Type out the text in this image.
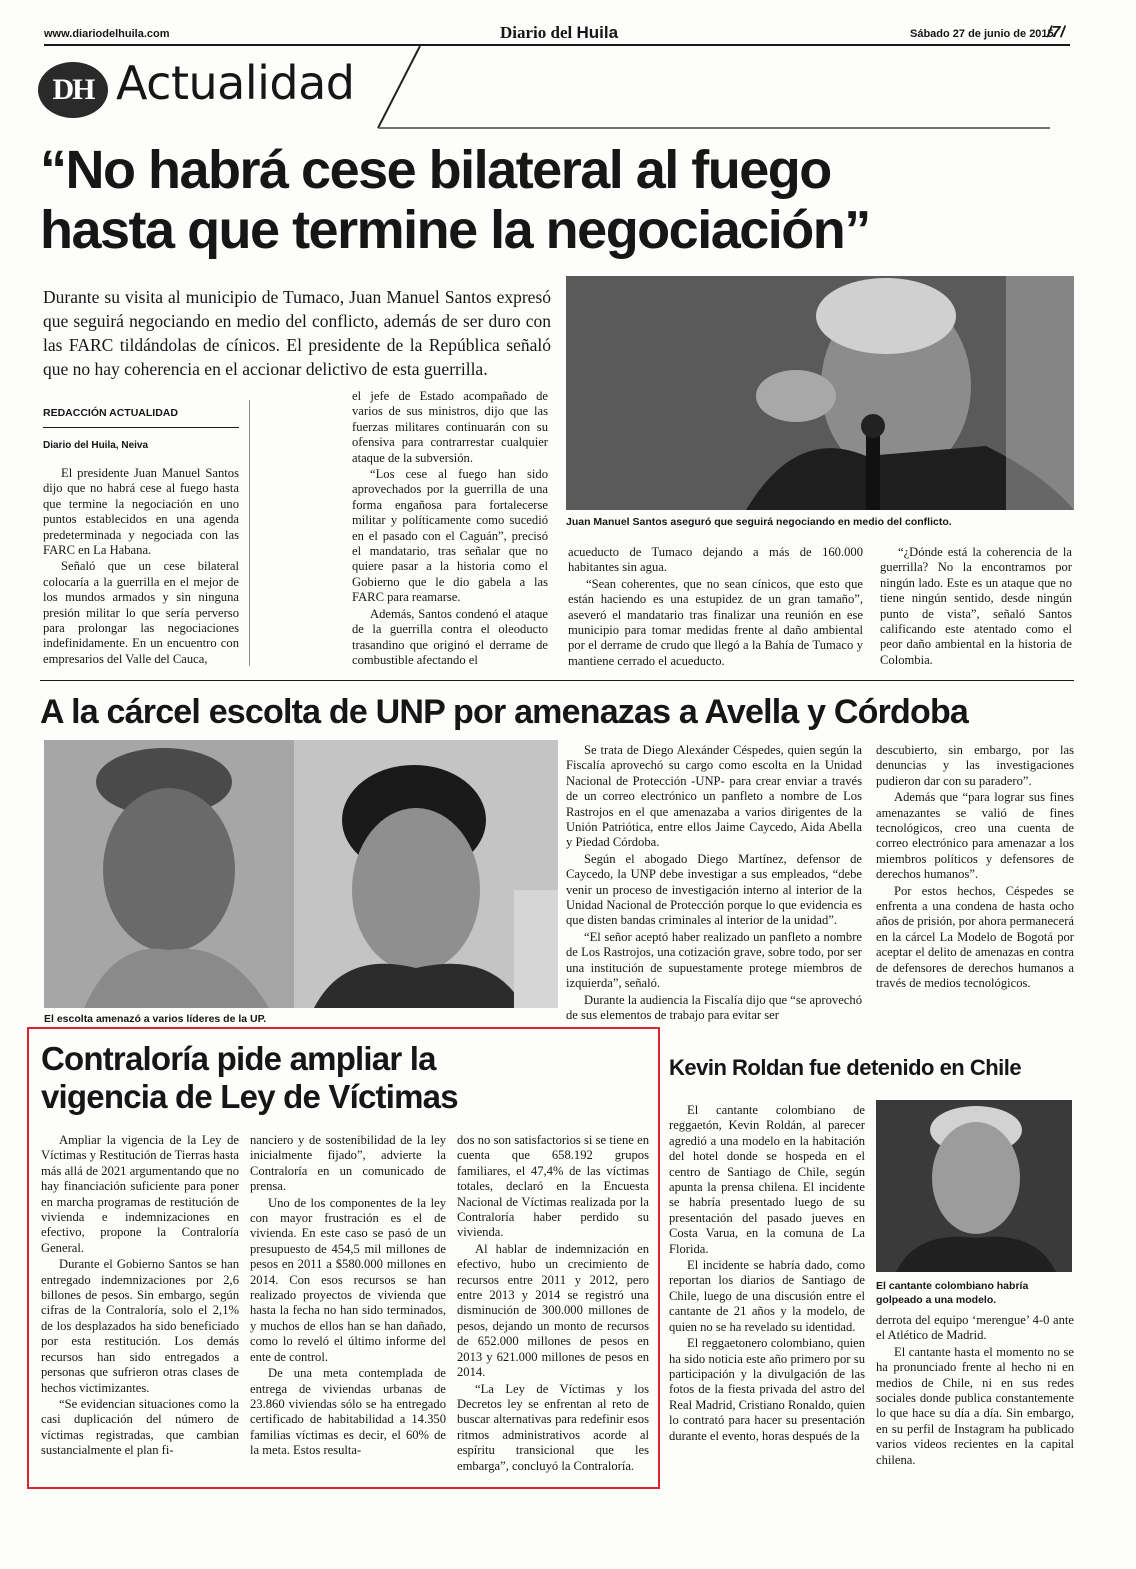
www.diariodelhuila.com	Diario del Huila	Sábado 27 de junio de 2015
/7/
DH Actualidad
“No habrá cese bilateral al fuego
hasta que termine la negociación”
Durante su visita al municipio de Tumaco, Juan Manuel Santos expresó que seguirá negociando en medio del conflicto, además de ser duro con las FARC tildándolas de cínicos. El presidente de la República señaló que no hay coherencia en el accionar delictivo de esta guerrilla.
Juan Manuel Santos aseguró que seguirá negociando en medio del conflicto.
REDACCIÓN ACTUALIDAD
Diario del Huila, Neiva

El presidente Juan Manuel Santos dijo que no habrá cese al fuego hasta que termine la negociación en uno puntos establecidos en una agenda predeterminada y negociada con las FARC en La Habana.

Señaló que un cese bilateral colocaría a la guerrilla en el mejor de los mundos armados y sin ninguna presión militar lo que sería perverso para prolongar las negociaciones indefinidamente. En un encuentro con empresarios del Valle del Cauca,

el jefe de Estado acompañado de varios de sus ministros, dijo que las fuerzas militares continuarán con su ofensiva para contrarrestar cualquier ataque de la subversión.

“Los cese al fuego han sido aprovechados por la guerrilla de una forma engañosa para fortalecerse militar y políticamente como sucedió en el pasado con el Caguán”, precisó el mandatario, tras señalar que no quiere pasar a la historia como el Gobierno que le dio gabela a las FARC para reamarse.

Además, Santos condenó el ataque de la guerrilla contra el oleoducto trasandino que originó el derrame de combustible afectando el

acueducto de Tumaco dejando a más de 160.000 habitantes sin agua.

“Sean coherentes, que no sean cínicos, que esto que están haciendo es una estupidez de un gran tamaño”, aseveró el mandatario tras finalizar una reunión en ese municipio para tomar medidas frente al daño ambiental por el derrame de crudo que llegó a la Bahía de Tumaco y mantiene cerrado el acueducto.

“¿Dónde está la coherencia de la guerrilla? No la encontramos por ningún lado. Este es un ataque que no tiene ningún sentido, desde ningún punto de vista”, señaló Santos calificando este atentado como el peor daño ambiental en la historia de Colombia.

A la cárcel escolta de UNP por amenazas a Avella y Córdoba
El escolta amenazó a varios líderes de la UP.

Se trata de Diego Alexánder Céspedes, quien según la Fiscalía aprovechó su cargo como escolta en la Unidad Nacional de Protección -UNP- para crear enviar a través de un correo electrónico un panfleto a nombre de Los Rastrojos en el que amenazaba a varios dirigentes de la Unión Patriótica, entre ellos Jaime Caycedo, Aida Abella y Piedad Córdoba.

Según el abogado Diego Martínez, defensor de Caycedo, la UNP debe investigar a sus empleados, “debe venir un proceso de investigación interno al interior de la Unidad Nacional de Protección porque lo que evidencia es que disten bandas criminales al interior de la unidad”.

“El señor aceptó haber realizado un panfleto a nombre de Los Rastrojos, una cotización grave, sobre todo, por ser una institución de supuestamente protege miembros de izquierda”, señaló.

Durante la audiencia la Fiscalía dijo que “se aprovechó de sus elementos de trabajo para evitar ser

descubierto, sin embargo, por las denuncias y las investigaciones pudieron dar con su paradero”.

Además que “para lograr sus fines amenazantes se valió de fines tecnológicos, creo una cuenta de correo electrónico para amenazar a los miembros políticos y defensores de derechos humanos”.

Por estos hechos, Céspedes se enfrenta a una condena de hasta ocho años de prisión, por ahora permanecerá en la cárcel La Modelo de Bogotá por aceptar el delito de amenazas en contra de defensores de derechos humanos a través de medios tecnológicos.

Contraloría pide ampliar la
vigencia de Ley de Víctimas

Ampliar la vigencia de la Ley de Víctimas y Restitución de Tierras hasta más allá de 2021 argumentando que no hay financiación suficiente para poner en marcha programas de restitución de vivienda e indemnizaciones en efectivo, propone la Contraloría General.

Durante el Gobierno Santos se han entregado indemnizaciones por 2,6 billones de pesos. Sin embargo, según cifras de la Contraloría, solo el 2,1% de los desplazados ha sido beneficiado por esta restitución. Los demás recursos han sido entregados a personas que sufrieron otras clases de hechos victimizantes.

“Se evidencian situaciones como la casi duplicación del número de víctimas registradas, que cambian sustancialmente el plan fi-

nanciero y de sostenibilidad de la ley inicialmente fijado”, advierte la Contraloría en un comunicado de prensa.

Uno de los componentes de la ley con mayor frustración es el de vivienda. En este caso se pasó de un presupuesto de 454,5 mil millones de pesos en 2011 a $580.000 millones en 2014. Con esos recursos se han realizado proyectos de vivienda que hasta la fecha no han sido terminados, y muchos de ellos han se han dañado, como lo reveló el último informe del ente de control.

De una meta contemplada de entrega de viviendas urbanas de 23.860 viviendas sólo se ha entregado certificado de habitabilidad a 14.350 familias víctimas es decir, el 60% de la meta. Estos resulta-

dos no son satisfactorios si se tiene en cuenta que 658.192 grupos familiares, el 47,4% de las víctimas totales, declaró en la Encuesta Nacional de Víctimas realizada por la Contraloría haber perdido su vivienda.

Al hablar de indemnización en efectivo, hubo un crecimiento de recursos entre 2011 y 2012, pero entre 2013 y 2014 se registró una disminución de 300.000 millones de pesos, dejando un monto de recursos de 652.000 millones de pesos en 2013 y 621.000 millones de pesos en 2014.

“La Ley de Víctimas y los Decretos ley se enfrentan al reto de buscar alternativas para redefinir esos ritmos administrativos acorde al espíritu transicional que les embarga”, concluyó la Contraloría.

Kevin Roldan fue detenido en Chile

El cantante colombiano de reggaetón, Kevin Roldán, al parecer agredió a una modelo en la habitación del hotel donde se hospeda en el centro de Santiago de Chile, según apunta la prensa chilena. El incidente se habría presentado luego de su presentación del pasado jueves en Costa Varua, en la comuna de La Florida.

El incidente se habría dado, como reportan los diarios de Santiago de Chile, luego de una discusión entre el cantante de 21 años y la modelo, de quien no se ha revelado su identidad.

El reggaetonero colombiano, quien ha sido noticia este año primero por su participación y la divulgación de las fotos de la fiesta privada del astro del Real Madrid, Cristiano Ronaldo, quien lo contrató para hacer su presentación durante el evento, horas después de la

El cantante colombiano habría golpeado a una modelo.

derrota del equipo ‘merengue’ 4-0 ante el Atlético de Madrid.

El cantante hasta el momento no se ha pronunciado frente al hecho ni en medios de Chile, ni en sus redes sociales donde publica constantemente lo que hace su día a día. Sin embargo, en su perfil de Instagram ha publicado varios videos recientes en la capital chilena.
